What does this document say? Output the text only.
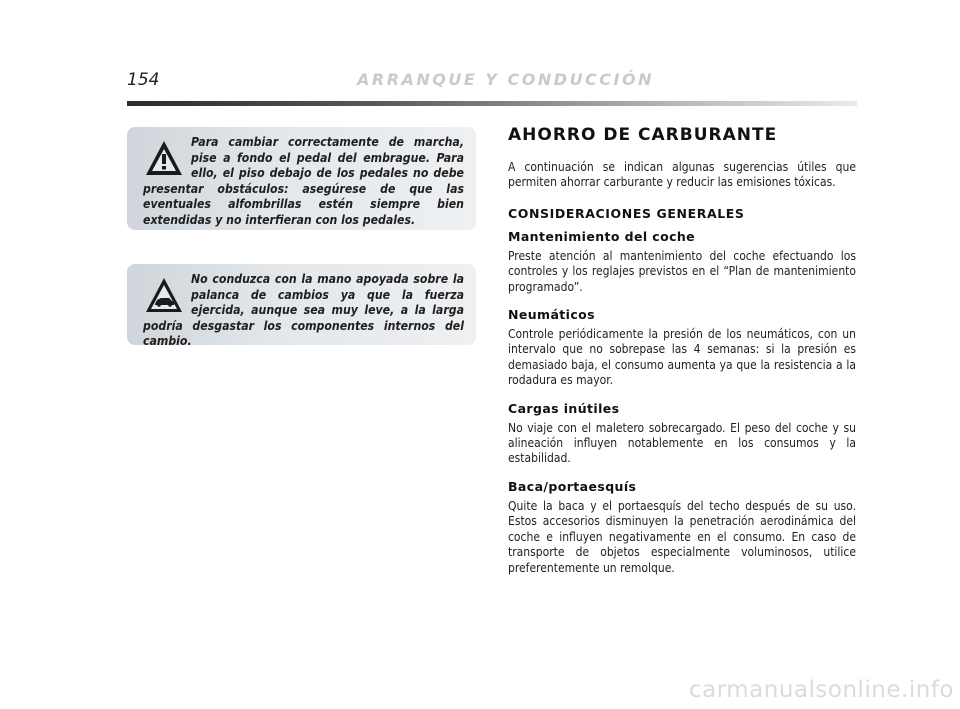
154	ARRANQUE Y CONDUCCIÓN

Para cambiar correctamente de marcha, pise a fondo el pedal del embrague. Para ello, el piso debajo de los pedales no debe presentar obstáculos: asegúrese de que las eventuales alfombrillas estén siempre bien extendidas y no interfieran con los pedales.

No conduzca con la mano apoyada sobre la palanca de cambios ya que la fuerza ejercida, aunque sea muy leve, a la larga podría desgastar los componentes internos del cambio.

AHORRO DE CARBURANTE

A continuación se indican algunas sugerencias útiles que permiten ahorrar carburante y reducir las emisiones tóxicas.

CONSIDERACIONES GENERALES
Mantenimiento del coche

Preste atención al mantenimiento del coche efectuando los controles y los reglajes previstos en el “Plan de mantenimiento programado”.

Neumáticos

Controle periódicamente la presión de los neumáticos, con un intervalo que no sobrepase las 4 semanas: si la presión es demasiado baja, el consumo aumenta ya que la resistencia a la rodadura es mayor.

Cargas inútiles

No viaje con el maletero sobrecargado. El peso del coche y su alineación influyen notablemente en los consumos y la estabilidad.

Baca/portaesquís

Quite la baca y el portaesquís del techo después de su uso. Estos accesorios disminuyen la penetración aerodinámica del coche e influyen negativamente en el consumo. En caso de transporte de objetos especialmente voluminosos, utilice preferentemente un remolque.

carmanualsonline.info
